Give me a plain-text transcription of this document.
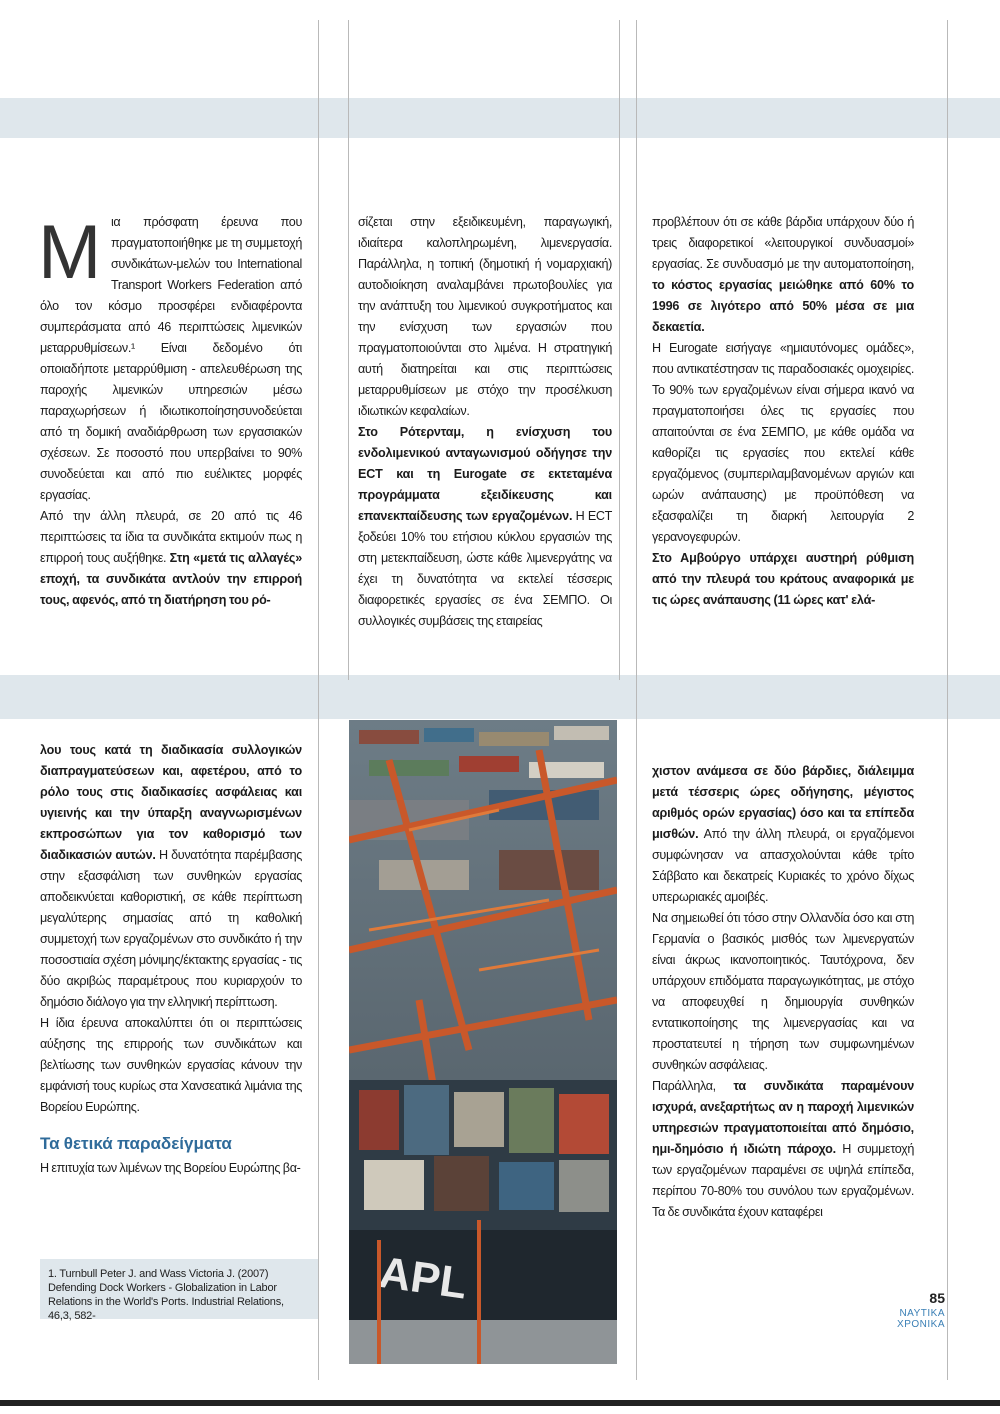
Μ ια πρόσφατη έρευνα που πραγματοποιήθηκε με τη συμμετοχή συνδικάτων-μελών του International Transport Workers Federation από όλο τον κόσμο προσφέρει ενδιαφέροντα συμπεράσματα από 46 περιπτώσεις λιμενικών μεταρρυθμίσεων.¹ Είναι δεδομένο ότι οποιαδήποτε μεταρρύθμιση - απελευθέρωση της παροχής λιμενικών υπηρεσιών μέσω παραχωρήσεων ή ιδιωτικοποίησησυνοδεύεται από τη δομική αναδιάρθρωση των εργασιακών σχέσεων. Σε ποσοστό που υπερβαίνει το 90% συνοδεύεται και από πιο ευέλικτες μορφές εργασίας.

Από την άλλη πλευρά, σε 20 από τις 46 περιπτώσεις τα ίδια τα συνδικάτα εκτιμούν πως η επιρροή τους αυξήθηκε. Στη «μετά τις αλλαγές» εποχή, τα συνδικάτα αντλούν την επιρροή τους, αφενός, από τη διατήρηση του ρό-

σίζεται στην εξειδικευμένη, παραγωγική, ιδιαίτερα καλοπληρωμένη, λιμενεργασία. Παράλληλα, η τοπική (δημοτική ή νομαρχιακή) αυτοδιοίκηση αναλαμβάνει πρωτοβουλίες για την ανάπτυξη του λιμενικού συγκροτήματος και την ενίσχυση των εργασιών που πραγματοποιούνται στο λιμένα. Η στρατηγική αυτή διατηρείται και στις περιπτώσεις μεταρρυθμίσεων με στόχο την προσέλκυση ιδιωτικών κεφαλαίων.

Στο Ρότερνταμ, η ενίσχυση του ενδολιμενικού ανταγωνισμού οδήγησε την ECT και τη Eurogate σε εκτεταμένα προγράμματα εξειδίκευσης και επανεκπαίδευσης των εργαζομένων. Η ECT ξοδεύει 10% του ετήσιου κύκλου εργασιών της στη μετεκπαίδευση, ώστε κάθε λιμενεργάτης να έχει τη δυνατότητα να εκτελεί τέσσερις διαφορετικές εργασίες σε ένα ΣΕΜΠΟ. Οι συλλογικές συμβάσεις της εταιρείας

προβλέπουν ότι σε κάθε βάρδια υπάρχουν δύο ή τρεις διαφορετικοί «λειτουργικοί συνδυασμοί» εργασίας. Σε συνδυασμό με την αυτοματοποίηση, το κόστος εργασίας μειώθηκε από 60% το 1996 σε λιγότερο από 50% μέσα σε μια δεκαετία.

Η Eurogate εισήγαγε «ημιαυτόνομες ομάδες», που αντικατέστησαν τις παραδοσιακές ομοχειρίες. Το 90% των εργαζομένων είναι σήμερα ικανό να πραγματοποιήσει όλες τις εργασίες που απαιτούνται σε ένα ΣΕΜΠΟ, με κάθε ομάδα να καθορίζει τις εργασίες που εκτελεί κάθε εργαζόμενος (συμπεριλαμβανομένων αργιών και ωρών ανάπαυσης) με προϋπόθεση να εξασφαλίζει τη διαρκή λειτουργία 2 γερανογεφυρών.

Στο Αμβούργο υπάρχει αυστηρή ρύθμιση από την πλευρά του κράτους αναφορικά με τις ώρες ανάπαυσης (11 ώρες κατ' ελά-

λου τους κατά τη διαδικασία συλλογικών διαπραγματεύσεων και, αφετέρου, από το ρόλο τους στις διαδικασίες ασφάλειας και υγιεινής και την ύπαρξη αναγνωρισμένων εκπροσώπων για τον καθορισμό των διαδικασιών αυτών. Η δυνατότητα παρέμβασης στην εξασφάλιση των συνθηκών εργασίας αποδεικνύεται καθοριστική, σε κάθε περίπτωση μεγαλύτερης σημασίας από τη καθολική συμμετοχή των εργαζομένων στο συνδικάτο ή την ποσοστιαία σχέση μόνιμης/έκτακτης εργασίας - τις δύο ακριβώς παραμέτρους που κυριαρχούν το δημόσιο διάλογο για την ελληνική περίπτωση.

Η ίδια έρευνα αποκαλύπτει ότι οι περιπτώσεις αύξησης της επιρροής των συνδικάτων και βελτίωσης των συνθηκών εργασίας κάνουν την εμφάνισή τους κυρίως στα Χανσεατικά λιμάνια της Βορείου Ευρώπης.

Τα θετικά παραδείγματα

Η επιτυχία των λιμένων της Βορείου Ευρώπης βα-

1. Turnbull Peter J. and Wass Victoria J. (2007) Defending Dock Workers - Globalization in Labor Relations in the World's Ports. Industrial Relations, 46,3, 582-
APL

χιστον ανάμεσα σε δύο βάρδιες, διάλειμμα μετά τέσσερις ώρες οδήγησης, μέγιστος αριθμός ορών εργασίας) όσο και τα επίπεδα μισθών. Από την άλλη πλευρά, οι εργαζόμενοι συμφώνησαν να απασχολούνται κάθε τρίτο Σάββατο και δεκατρείς Κυριακές το χρόνο δίχως υπερωριακές αμοιβές.

Να σημειωθεί ότι τόσο στην Ολλανδία όσο και στη Γερμανία ο βασικός μισθός των λιμενεργατών είναι άκρως ικανοποιητικός. Ταυτόχρονα, δεν υπάρχουν επιδόματα παραγωγικότητας, με στόχο να αποφευχθεί η δημιουργία συνθηκών εντατικοποίησης της λιμενεργασίας και να προστατευτεί η τήρηση των συμφωνημένων συνθηκών ασφάλειας.

Παράλληλα, τα συνδικάτα παραμένουν ισχυρά, ανεξαρτήτως αν η παροχή λιμενικών υπηρεσιών πραγματοποιείται από δημόσιο, ημι-δημόσιο ή ιδιώτη πάροχο. Η συμμετοχή των εργαζομένων παραμένει σε υψηλά επίπεδα, περίπου 70-80% του συνόλου των εργαζομένων. Τα δε συνδικάτα έχουν καταφέρει

85
ΝΑΥΤΙΚΑ
ΧΡΟΝΙΚΑ
